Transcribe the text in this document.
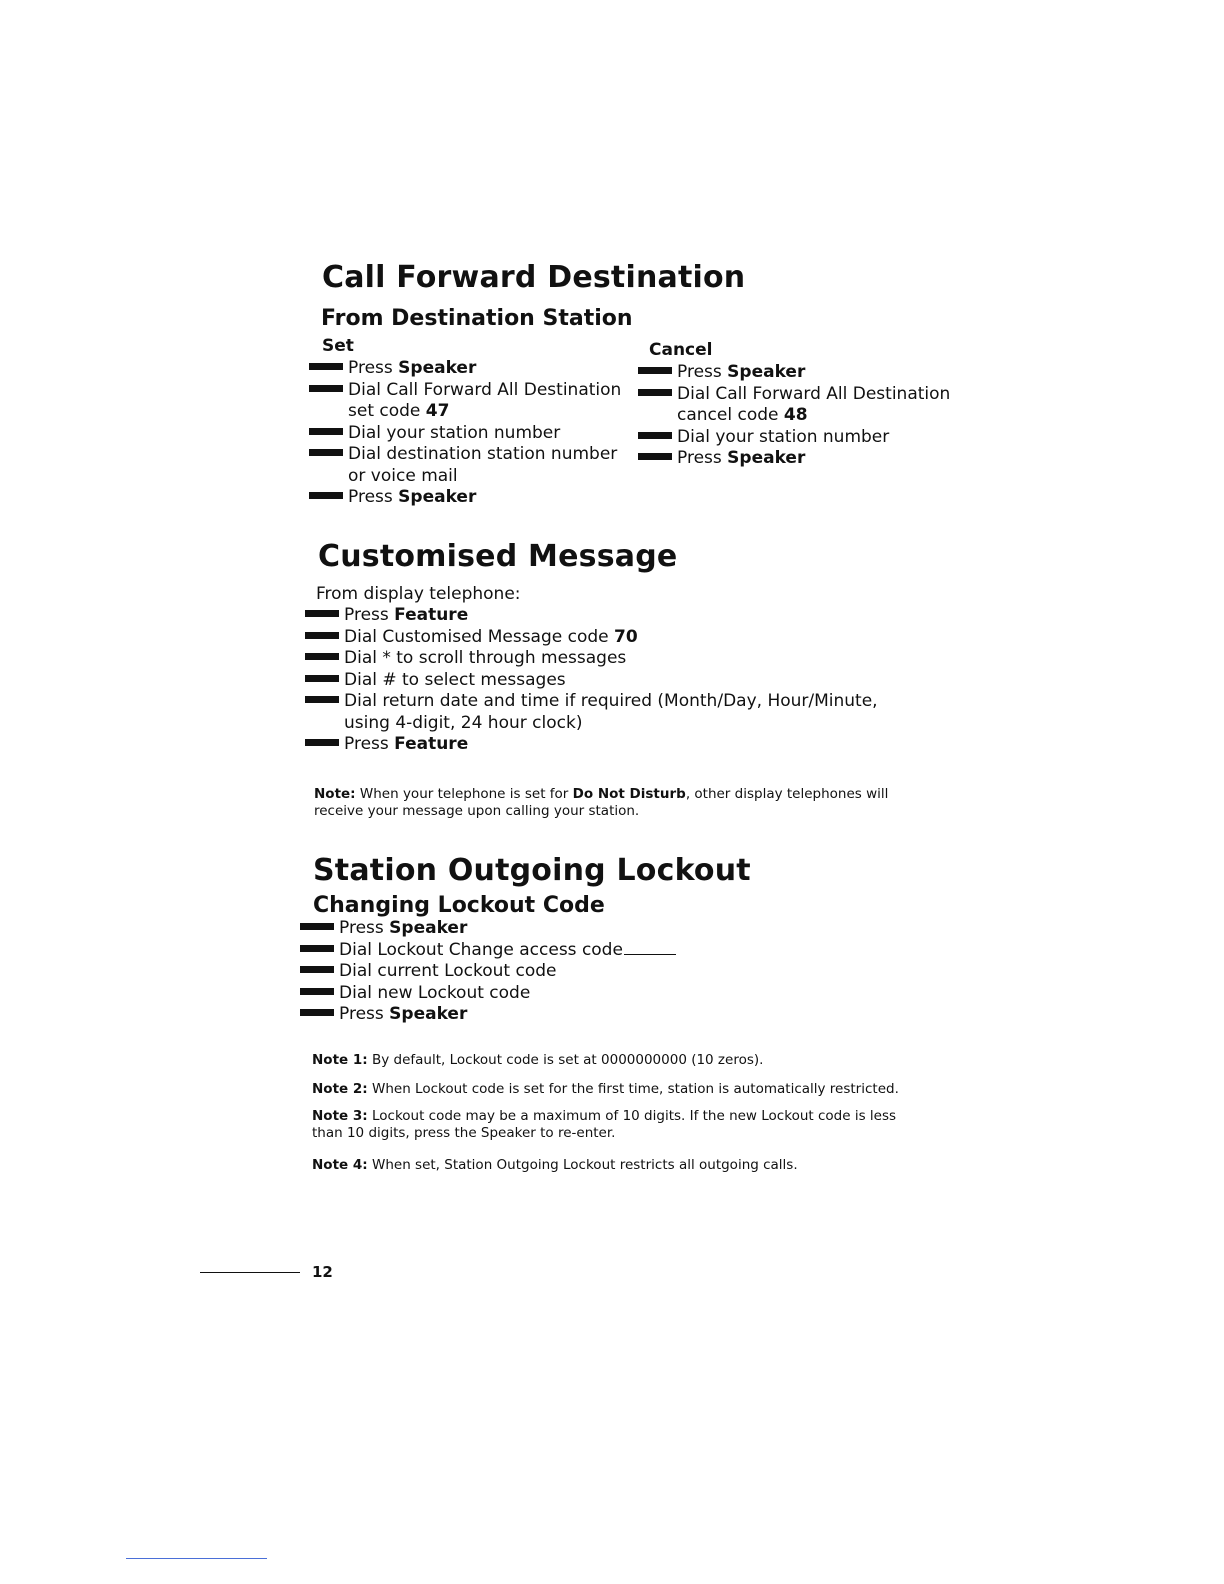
Call Forward Destination
From Destination Station
Set
Press Speaker
Dial Call Forward All Destination
set code 47
Dial your station number
Dial destination station number
or voice mail
Press Speaker
Cancel
Press Speaker
Dial Call Forward All Destination
cancel code 48
Dial your station number
Press Speaker
Customised Message
From display telephone:
Press Feature
Dial Customised Message code 70
Dial * to scroll through messages
Dial # to select messages
Dial return date and time if required (Month/Day, Hour/Minute,
using 4-digit, 24 hour clock)
Press Feature
Note: When your telephone is set for Do Not Disturb, other display telephones will
receive your message upon calling your station.
Station Outgoing Lockout
Changing Lockout Code
Press Speaker
Dial Lockout Change access code
Dial current Lockout code
Dial new Lockout code
Press Speaker
Note 1: By default, Lockout code is set at 0000000000 (10 zeros).
Note 2: When Lockout code is set for the first time, station is automatically restricted.
Note 3: Lockout code may be a maximum of 10 digits. If the new Lockout code is less
than 10 digits, press the Speaker to re-enter.
Note 4: When set, Station Outgoing Lockout restricts all outgoing calls.
12
